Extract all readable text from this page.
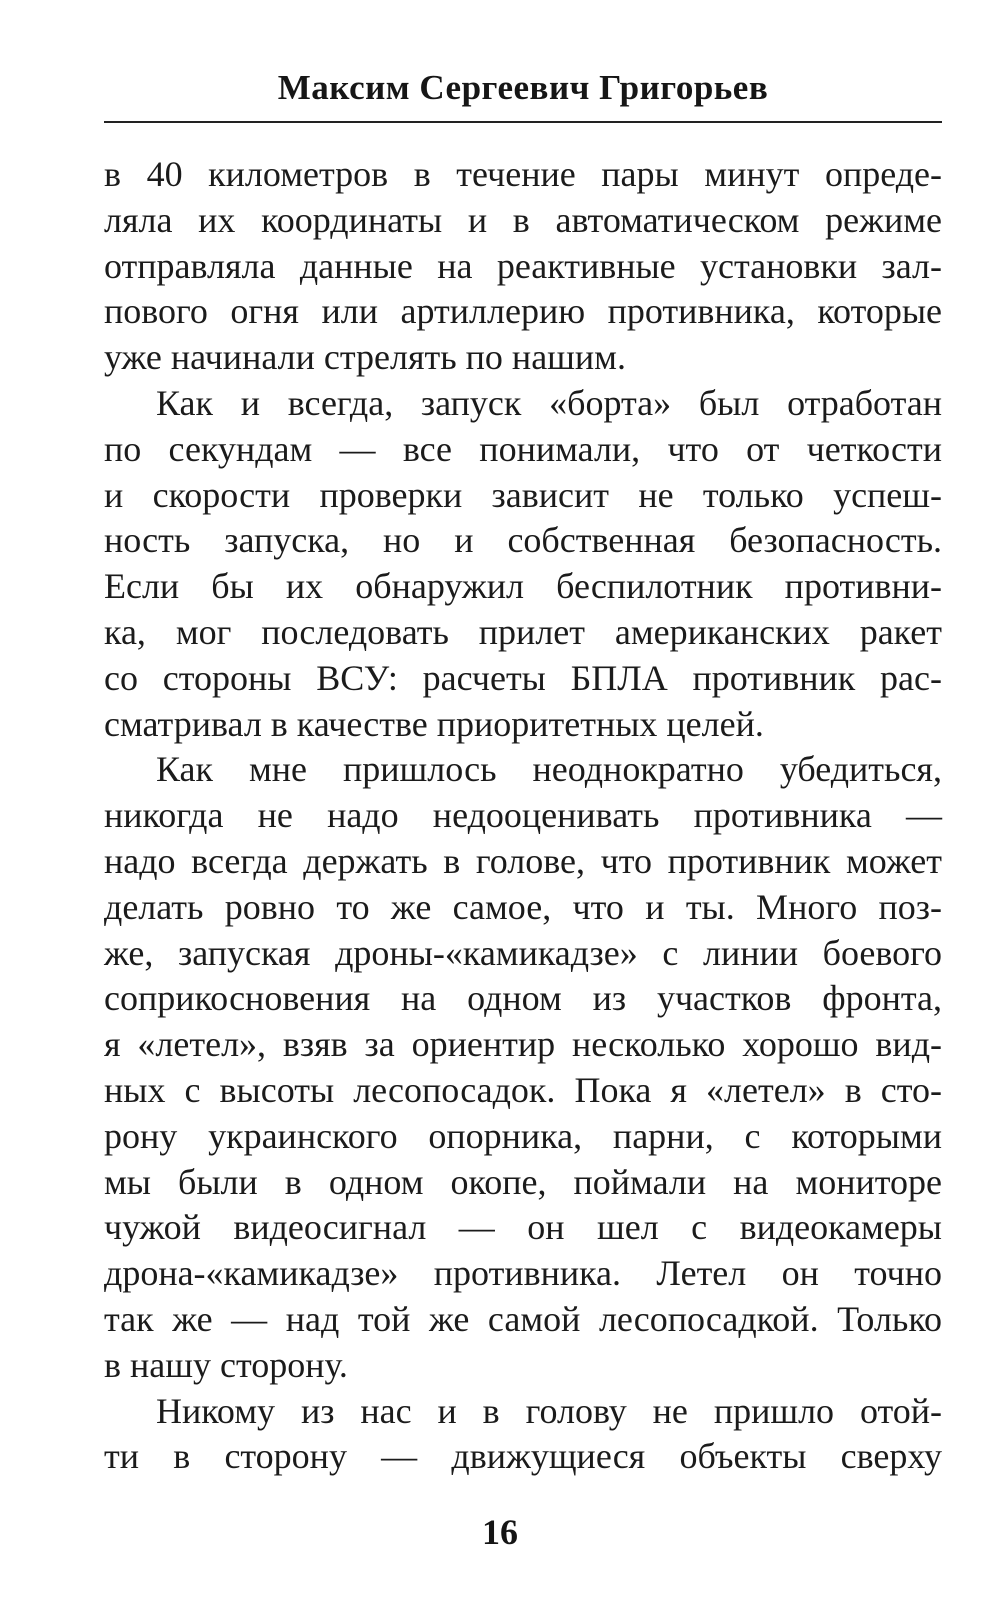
Максим Сергеевич Григорьев
в 40 километров в течение пары минут опреде-
ляла их координаты и в автоматическом режиме
отправляла данные на реактивные установки зал-
пового огня или артиллерию противника, которые
уже начинали стрелять по нашим.
Как и всегда, запуск «борта» был отработан
по секундам — все понимали, что от четкости
и скорости проверки зависит не только успеш-
ность запуска, но и собственная безопасность.
Если бы их обнаружил беспилотник противни-
ка, мог последовать прилет американских ракет
со стороны ВСУ: расчеты БПЛА противник рас-
сматривал в качестве приоритетных целей.
Как мне пришлось неоднократно убедиться,
никогда не надо недооценивать противника —
надо всегда держать в голове, что противник может
делать ровно то же самое, что и ты. Много поз-
же, запуская дроны-«камикадзе» с линии боевого
соприкосновения на одном из участков фронта,
я «летел», взяв за ориентир несколько хорошо вид-
ных с высоты лесопосадок. Пока я «летел» в сто-
рону украинского опорника, парни, с которыми
мы были в одном окопе, поймали на мониторе
чужой видеосигнал — он шел с видеокамеры
дрона-«камикадзе» противника. Летел он точно
так же — над той же самой лесопосадкой. Только
в нашу сторону.
Никому из нас и в голову не пришло отой-
ти в сторону — движущиеся объекты сверху
16
